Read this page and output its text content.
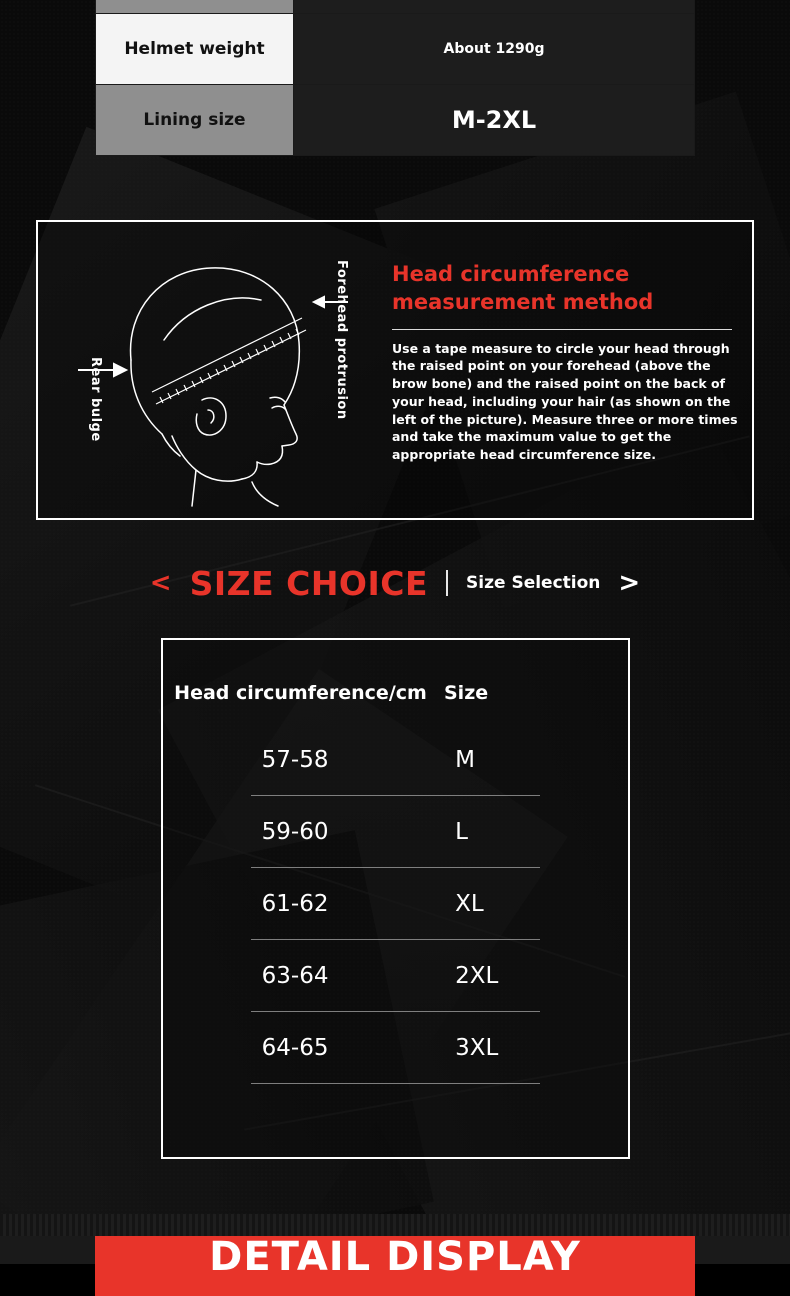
Helmet weight	About 1290g
Lining size	M-2XL
Forehead protrusion
Rear bulge
Head circumference measurement method
Use a tape measure to circle your head through the raised point on your forehead (above the brow bone) and the raised point on the back of your head, including your hair (as shown on the left of the picture). Measure three or more times and take the maximum value to get the appropriate head circumference size.
< SIZE CHOICE Size Selection >
Head circumference/cm Size
57-58	M
59-60	L
61-62	XL
63-64	2XL
64-65	3XL
DETAIL DISPLAY
